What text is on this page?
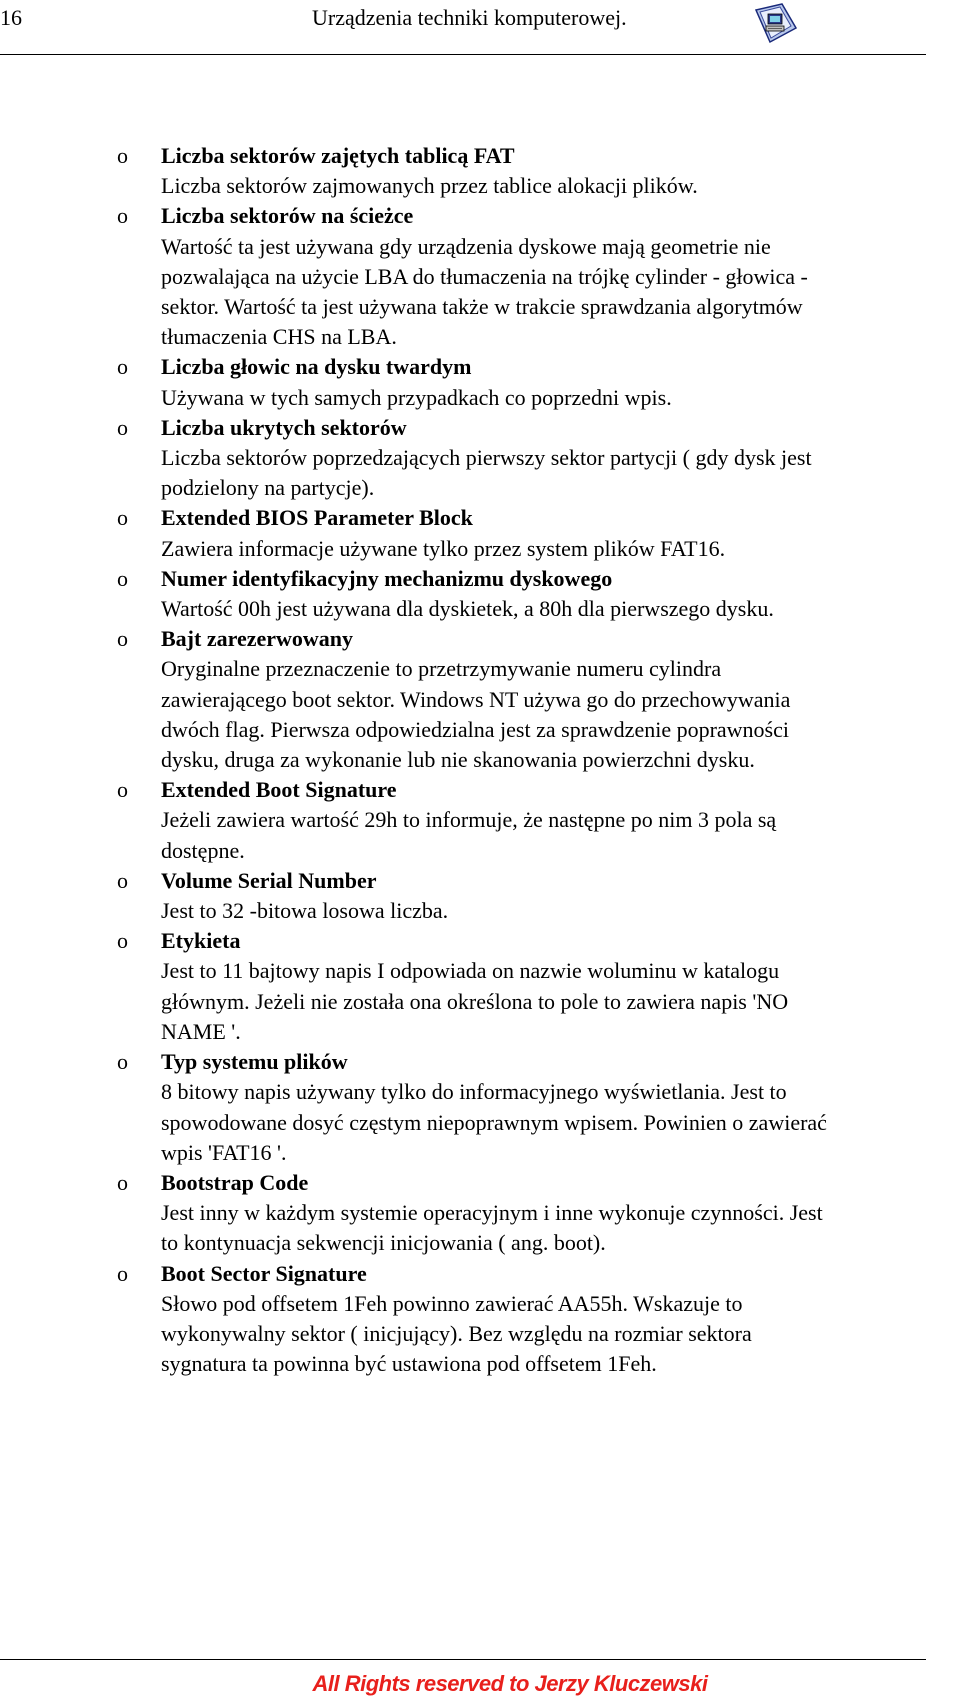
16	Urządzenia techniki komputerowej.
o Liczba sektorów zajętych tablicą FAT

Liczba sektorów zajmowanych przez tablice alokacji plików.

o Liczba sektorów na ścieżce

Wartość ta jest używana gdy urządzenia dyskowe mają geometrie nie

pozwalająca na użycie LBA do tłumaczenia na trójkę cylinder - głowica -

sektor. Wartość ta jest używana także w trakcie sprawdzania algorytmów

tłumaczenia CHS na LBA.

o Liczba głowic na dysku twardym

Używana w tych samych przypadkach co poprzedni wpis.

o Liczba ukrytych sektorów

Liczba sektorów poprzedzających pierwszy sektor partycji ( gdy dysk jest

podzielony na partycje).

o Extended BIOS Parameter Block

Zawiera informacje używane tylko przez system plików FAT16.

o Numer identyfikacyjny mechanizmu dyskowego

Wartość 00h jest używana dla dyskietek, a 80h dla pierwszego dysku.

o Bajt zarezerwowany

Oryginalne przeznaczenie to przetrzymywanie numeru cylindra

zawierającego boot sektor. Windows NT używa go do przechowywania

dwóch flag. Pierwsza odpowiedzialna jest za sprawdzenie poprawności

dysku, druga za wykonanie lub nie skanowania powierzchni dysku.

o Extended Boot Signature

Jeżeli zawiera wartość 29h to informuje, że następne po nim 3 pola są

dostępne.

o Volume Serial Number

Jest to 32 -bitowa losowa liczba.

o Etykieta

Jest to 11 bajtowy napis I odpowiada on nazwie woluminu w katalogu

głównym. Jeżeli nie została ona określona to pole to zawiera napis 'NO

NAME '.

o Typ systemu plików

8 bitowy napis używany tylko do informacyjnego wyświetlania. Jest to

spowodowane dosyć częstym niepoprawnym wpisem. Powinien o zawierać

wpis 'FAT16 '.

o Bootstrap Code

Jest inny w każdym systemie operacyjnym i inne wykonuje czynności. Jest

to kontynuacja sekwencji inicjowania ( ang. boot).

o Boot Sector Signature

Słowo pod offsetem 1Feh powinno zawierać AA55h. Wskazuje to

wykonywalny sektor ( inicjujący). Bez względu na rozmiar sektora

sygnatura ta powinna być ustawiona pod offsetem 1Feh.

All Rights reserved to Jerzy Kluczewski
